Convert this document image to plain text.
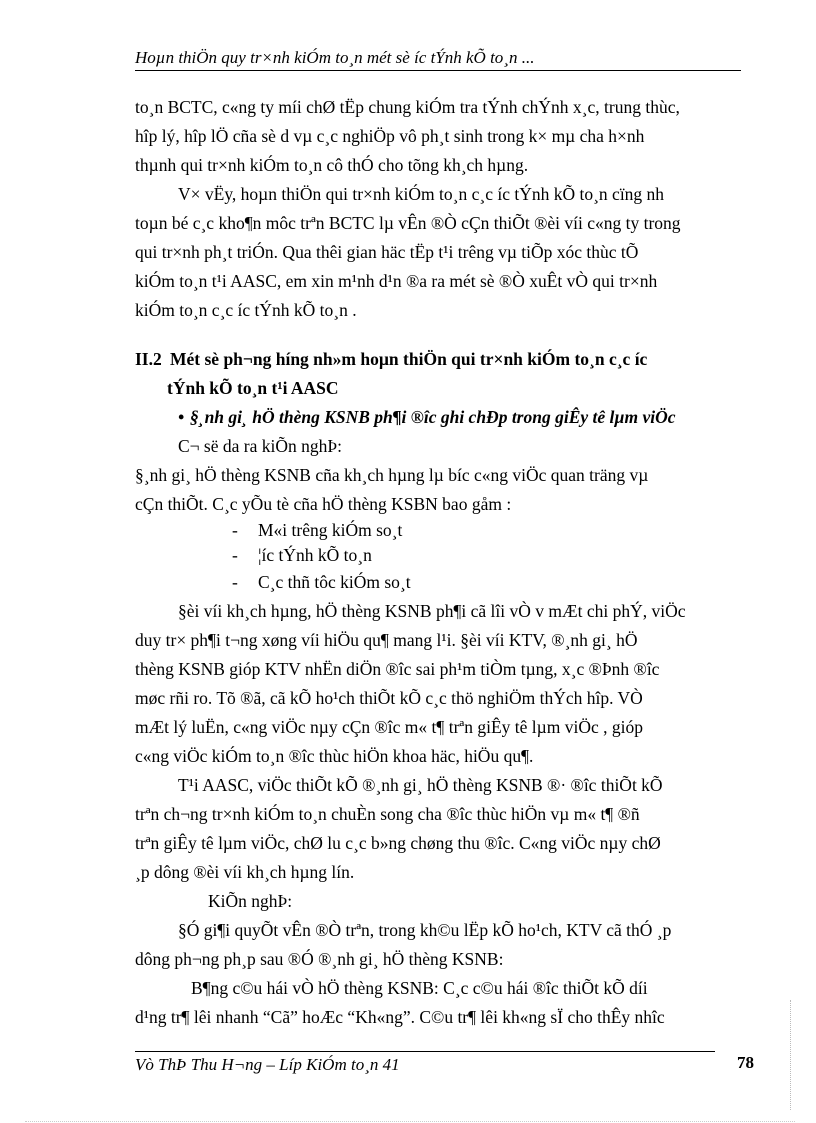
Hoµn thiÖn quy tr×nh kiÓm to¸n mét sè íc tÝnh kÕ to¸n ...
to¸n BCTC, c«ng ty míi chØ tËp chung kiÓm tra tÝnh chÝnh x¸c, trung thùc,
hîp lý, hîp lÖ cña sè d vµ c¸c nghiÖp vô ph¸t sinh trong k× mµ cha h×nh
thµnh qui tr×nh kiÓm to¸n cô thÓ cho tõng kh¸ch hµng.
V× vËy, hoµn thiÖn qui tr×nh kiÓm to¸n c¸c íc tÝnh kÕ to¸n cïng nh
toµn bé c¸c kho¶n môc trªn BCTC lµ vÊn ®Ò cÇn thiÕt ®èi víi c«ng ty trong
qui tr×nh ph¸t triÓn. Qua thêi gian häc tËp t¹i trêng vµ tiÕp xóc thùc tÕ
kiÓm to¸n t¹i AASC, em xin m¹nh d¹n ®a ra mét sè ®Ò xuÊt vÒ qui tr×nh
kiÓm to¸n c¸c íc tÝnh kÕ to¸n .
II.2 Mét sè ph¬ng híng nh»m hoµn thiÖn qui tr×nh kiÓm to¸n c¸c íc
tÝnh kÕ to¸n t¹i AASC
• §¸nh gi¸ hÖ thèng KSNB ph¶i ®îc ghi chÐp trong giÊy tê lµm viÖc
C¬ së da ra kiÕn nghÞ:
§¸nh gi¸ hÖ thèng KSNB cña kh¸ch hµng lµ bíc c«ng viÖc quan träng vµ
cÇn thiÕt. C¸c yÕu tè cña hÖ thèng KSBN bao gåm :
- M«i trêng kiÓm so¸t
- ¦íc tÝnh kÕ to¸n
- C¸c thñ tôc kiÓm so¸t
§èi víi kh¸ch hµng, hÖ thèng KSNB ph¶i cã lîi vÒ v mÆt chi phÝ, viÖc
duy tr× ph¶i t¬ng xøng víi hiÖu qu¶ mang l¹i. §èi víi KTV, ®¸nh gi¸ hÖ
thèng KSNB gióp KTV nhËn diÖn ®îc sai ph¹m tiÒm tµng, x¸c ®Þnh ®îc
møc rñi ro. Tõ ®ã, cã kÕ ho¹ch thiÕt kÕ c¸c thö nghiÖm thÝch hîp. VÒ
mÆt lý luËn, c«ng viÖc nµy cÇn ®îc m« t¶ trªn giÊy tê lµm viÖc , gióp
c«ng viÖc kiÓm to¸n ®îc thùc hiÖn khoa häc, hiÖu qu¶.
T¹i AASC, viÖc thiÕt kÕ ®¸nh gi¸ hÖ thèng KSNB ®· ®îc thiÕt kÕ
trªn ch¬ng tr×nh kiÓm to¸n chuÈn song cha ®îc thùc hiÖn vµ m« t¶ ®ñ
trªn giÊy tê lµm viÖc, chØ lu c¸c b»ng chøng thu ®îc. C«ng viÖc nµy chØ
¸p dông ®èi víi kh¸ch hµng lín.
KiÕn nghÞ:
§Ó gi¶i quyÕt vÊn ®Ò trªn, trong kh©u lËp kÕ ho¹ch, KTV cã thÓ ¸p
dông ph¬ng ph¸p sau ®Ó ®¸nh gi¸ hÖ thèng KSNB:
B¶ng c©u hái vÒ hÖ thèng KSNB: C¸c c©u hái ®îc thiÕt kÕ díi
d¹ng tr¶ lêi nhanh “Cã” hoÆc “Kh«ng”. C©u tr¶ lêi kh«ng sÏ cho thÊy nhîc
Vò ThÞ Thu H¬ng – Líp KiÓm to¸n 41	78
